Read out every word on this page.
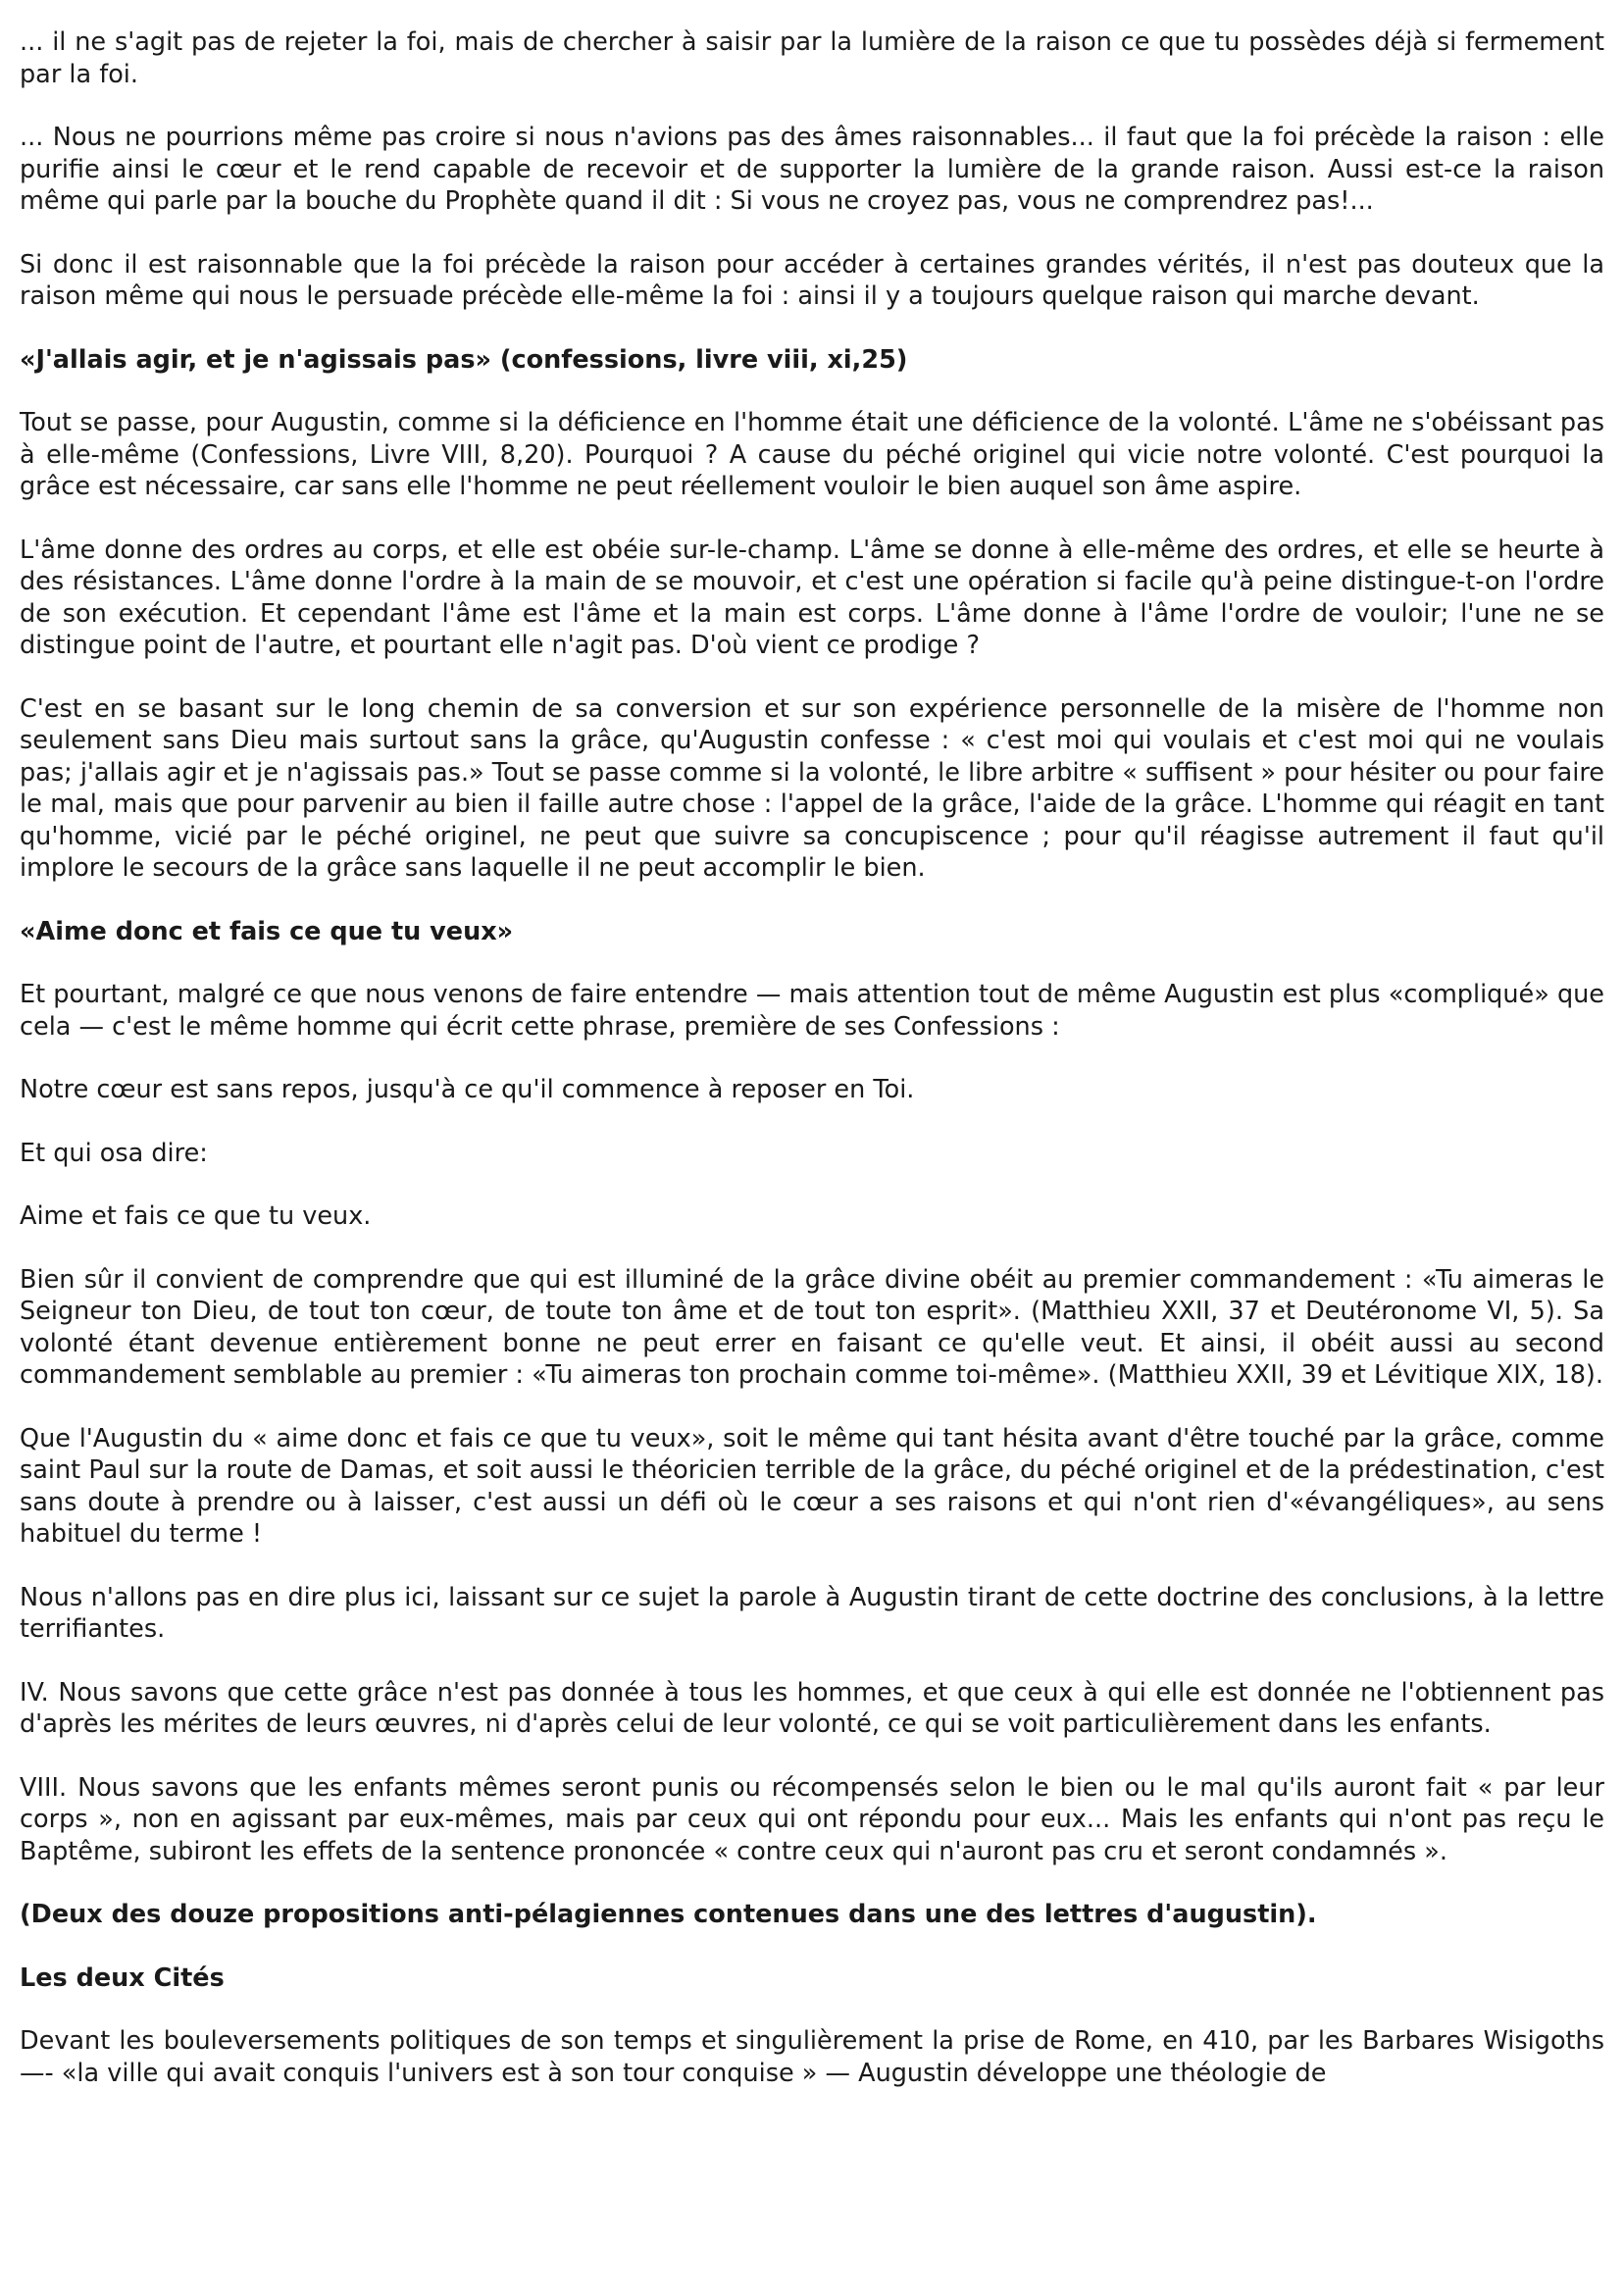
... il ne s'agit pas de rejeter la foi, mais de chercher à saisir par la lumière de la raison ce que tu possèdes déjà si fermement par la foi.

... Nous ne pourrions même pas croire si nous n'avions pas des âmes raisonnables... il faut que la foi précède la raison : elle purifie ainsi le cœur et le rend capable de recevoir et de supporter la lumière de la grande raison. Aussi est-ce la raison même qui parle par la bouche du Prophète quand il dit : Si vous ne croyez pas, vous ne comprendrez pas!...

Si donc il est raisonnable que la foi précède la raison pour accéder à certaines grandes vérités, il n'est pas douteux que la raison même qui nous le persuade précède elle-même la foi : ainsi il y a toujours quelque raison qui marche devant.

«J'allais agir, et je n'agissais pas» (confessions, livre viii, xi,25)

Tout se passe, pour Augustin, comme si la déficience en l'homme était une déficience de la volonté. L'âme ne s'obéissant pas à elle-même (Confessions, Livre VIII, 8,20). Pourquoi ? A cause du péché originel qui vicie notre volonté. C'est pourquoi la grâce est nécessaire, car sans elle l'homme ne peut réellement vouloir le bien auquel son âme aspire.

L'âme donne des ordres au corps, et elle est obéie sur-le-champ. L'âme se donne à elle-même des ordres, et elle se heurte à des résistances. L'âme donne l'ordre à la main de se mouvoir, et c'est une opération si facile qu'à peine distingue-t-on l'ordre de son exécution. Et cependant l'âme est l'âme et la main est corps. L'âme donne à l'âme l'ordre de vouloir; l'une ne se distingue point de l'autre, et pourtant elle n'agit pas. D'où vient ce prodige ?

C'est en se basant sur le long chemin de sa conversion et sur son expérience personnelle de la misère de l'homme non seulement sans Dieu mais surtout sans la grâce, qu'Augustin confesse : « c'est moi qui voulais et c'est moi qui ne voulais pas; j'allais agir et je n'agissais pas.» Tout se passe comme si la volonté, le libre arbitre « suffisent » pour hésiter ou pour faire le mal, mais que pour parvenir au bien il faille autre chose : l'appel de la grâce, l'aide de la grâce. L'homme qui réagit en tant qu'homme, vicié par le péché originel, ne peut que suivre sa concupiscence ; pour qu'il réagisse autrement il faut qu'il implore le secours de la grâce sans laquelle il ne peut accomplir le bien.

«Aime donc et fais ce que tu veux»

Et pourtant, malgré ce que nous venons de faire entendre — mais attention tout de même Augustin est plus «compliqué» que cela — c'est le même homme qui écrit cette phrase, première de ses Confessions :

Notre cœur est sans repos, jusqu'à ce qu'il commence à reposer en Toi.

Et qui osa dire:

Aime et fais ce que tu veux.

Bien sûr il convient de comprendre que qui est illuminé de la grâce divine obéit au premier commandement : «Tu aimeras le Seigneur ton Dieu, de tout ton cœur, de toute ton âme et de tout ton esprit». (Matthieu XXII, 37 et Deutéronome VI, 5). Sa volonté étant devenue entièrement bonne ne peut errer en faisant ce qu'elle veut. Et ainsi, il obéit aussi au second commandement semblable au premier : «Tu aimeras ton prochain comme toi-même». (Matthieu XXII, 39 et Lévitique XIX, 18).

Que l'Augustin du « aime donc et fais ce que tu veux», soit le même qui tant hésita avant d'être touché par la grâce, comme saint Paul sur la route de Damas, et soit aussi le théoricien terrible de la grâce, du péché originel et de la prédestination, c'est sans doute à prendre ou à laisser, c'est aussi un défi où le cœur a ses raisons et qui n'ont rien d'«évangéliques», au sens habituel du terme !

Nous n'allons pas en dire plus ici, laissant sur ce sujet la parole à Augustin tirant de cette doctrine des conclusions, à la lettre terrifiantes.

IV. Nous savons que cette grâce n'est pas donnée à tous les hommes, et que ceux à qui elle est donnée ne l'obtiennent pas d'après les mérites de leurs œuvres, ni d'après celui de leur volonté, ce qui se voit particulièrement dans les enfants.

VIII. Nous savons que les enfants mêmes seront punis ou récompensés selon le bien ou le mal qu'ils auront fait « par leur corps », non en agissant par eux-mêmes, mais par ceux qui ont répondu pour eux... Mais les enfants qui n'ont pas reçu le Baptême, subiront les effets de la sentence prononcée « contre ceux qui n'auront pas cru et seront condamnés ».

(Deux des douze propositions anti-pélagiennes contenues dans une des lettres d'augustin).

Les deux Cités

Devant les bouleversements politiques de son temps et singulièrement la prise de Rome, en 410, par les Barbares Wisigoths —- «la ville qui avait conquis l'univers est à son tour conquise » — Augustin développe une théologie de
